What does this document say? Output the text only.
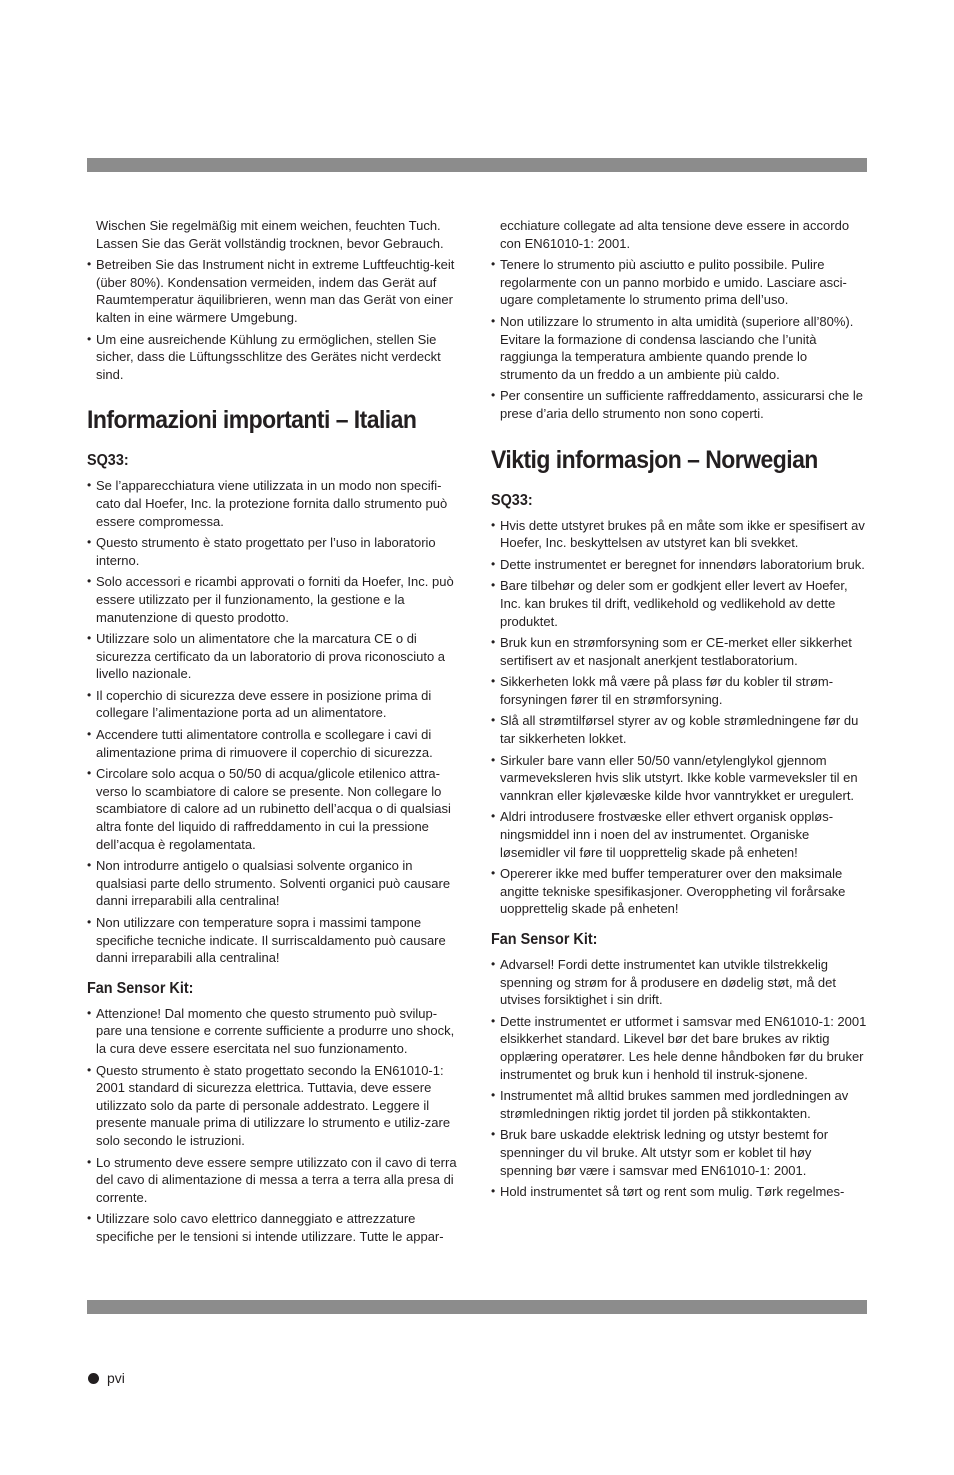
Wischen Sie regelmäßig mit einem weichen, feuchten Tuch. Lassen Sie das Gerät vollständig trocknen, bevor Gebrauch.

• Betreiben Sie das Instrument nicht in extreme Luftfeuchtig-keit (über 80%). Kondensation vermeiden, indem das Gerät auf Raumtemperatur äquilibrieren, wenn man das Gerät von einer kalten in eine wärmere Umgebung.
• Um eine ausreichende Kühlung zu ermöglichen, stellen Sie sicher, dass die Lüftungsschlitze des Gerätes nicht verdeckt sind.
Informazioni importanti – Italian
SQ33:
• Se l’apparecchiatura viene utilizzata in un modo non specifi-cato dal Hoefer, Inc. la protezione fornita dallo strumento può essere compromessa.
• Questo strumento è stato progettato per l’uso in laboratorio interno.
• Solo accessori e ricambi approvati o forniti da Hoefer, Inc. può essere utilizzato per il funzionamento, la gestione e la manutenzione di questo prodotto.
• Utilizzare solo un alimentatore che la marcatura CE o di sicurezza certificato da un laboratorio di prova riconosciuto a livello nazionale.
• Il coperchio di sicurezza deve essere in posizione prima di collegare l’alimentazione porta ad un alimentatore.
• Accendere tutti alimentatore controlla e scollegare i cavi di alimentazione prima di rimuovere il coperchio di sicurezza.
• Circolare solo acqua o 50/50 di acqua/glicole etilenico attra-verso lo scambiatore di calore se presente. Non collegare lo scambiatore di calore ad un rubinetto dell’acqua o di qualsiasi altra fonte del liquido di raffreddamento in cui la pressione dell’acqua è regolamentata.
• Non introdurre antigelo o qualsiasi solvente organico in qualsiasi parte dello strumento. Solventi organici può causare danni irreparabili alla centralina!
• Non utilizzare con temperature sopra i massimi tampone specifiche tecniche indicate. Il surriscaldamento può causare danni irreparabili alla centralina!
Fan Sensor Kit:
• Attenzione! Dal momento che questo strumento può svilup-pare una tensione e corrente sufficiente a produrre uno shock, la cura deve essere esercitata nel suo funzionamento.
• Questo strumento è stato progettato secondo la EN61010-1: 2001 standard di sicurezza elettrica. Tuttavia, deve essere utilizzato solo da parte di personale addestrato. Leggere il presente manuale prima di utilizzare lo strumento e utiliz-zare solo secondo le istruzioni.
• Lo strumento deve essere sempre utilizzato con il cavo di terra del cavo di alimentazione di messa a terra a terra alla presa di corrente.
• Utilizzare solo cavo elettrico danneggiato e attrezzature specifiche per le tensioni si intende utilizzare. Tutte le appar-

ecchiature collegate ad alta tensione deve essere in accordo con EN61010-1: 2001.

• Tenere lo strumento più asciutto e pulito possibile. Pulire regolarmente con un panno morbido e umido. Lasciare asci-ugare completamente lo strumento prima dell’uso.
• Non utilizzare lo strumento in alta umidità (superiore all’80%). Evitare la formazione di condensa lasciando che l’unità raggiunga la temperatura ambiente quando prende lo strumento da un freddo a un ambiente più caldo.
• Per consentire un sufficiente raffreddamento, assicurarsi che le prese d’aria dello strumento non sono coperti.
Viktig informasjon – Norwegian
SQ33:
• Hvis dette utstyret brukes på en måte som ikke er spesifisert av Hoefer, Inc. beskyttelsen av utstyret kan bli svekket.
• Dette instrumentet er beregnet for innendørs laboratorium bruk.
• Bare tilbehør og deler som er godkjent eller levert av Hoefer, Inc. kan brukes til drift, vedlikehold og vedlikehold av dette produktet.
• Bruk kun en strømforsyning som er CE-merket eller sikkerhet sertifisert av et nasjonalt anerkjent testlaboratorium.
• Sikkerheten lokk må være på plass før du kobler til strøm-forsyningen fører til en strømforsyning.
• Slå all strømtilførsel styrer av og koble strømledningene før du tar sikkerheten lokket.
• Sirkuler bare vann eller 50/50 vann/etylenglykol gjennom varmeveksleren hvis slik utstyrt. Ikke koble varmeveksler til en vannkran eller kjølevæske kilde hvor vanntrykket er uregulert.
• Aldri introdusere frostvæske eller ethvert organisk oppløs-ningsmiddel inn i noen del av instrumentet. Organiske løsemidler vil føre til uopprettelig skade på enheten!
• Opererer ikke med buffer temperaturer over den maksimale angitte tekniske spesifikasjoner. Overoppheting vil forårsake uopprettelig skade på enheten!
Fan Sensor Kit:
• Advarsel! Fordi dette instrumentet kan utvikle tilstrekkelig spenning og strøm for å produsere en dødelig støt, må det utvises forsiktighet i sin drift.
• Dette instrumentet er utformet i samsvar med EN61010-1: 2001 elsikkerhet standard. Likevel bør det bare brukes av riktig opplæring operatører. Les hele denne håndboken før du bruker instrumentet og bruk kun i henhold til instruk-sjonene.
• Instrumentet må alltid brukes sammen med jordledningen av strømledningen riktig jordet til jorden på stikkontakten.
• Bruk bare uskadde elektrisk ledning og utstyr bestemt for spenninger du vil bruke. Alt utstyr som er koblet til høy spenning bør være i samsvar med EN61010-1: 2001.
• Hold instrumentet så tørt og rent som mulig. Tørk regelmes-
pvi
